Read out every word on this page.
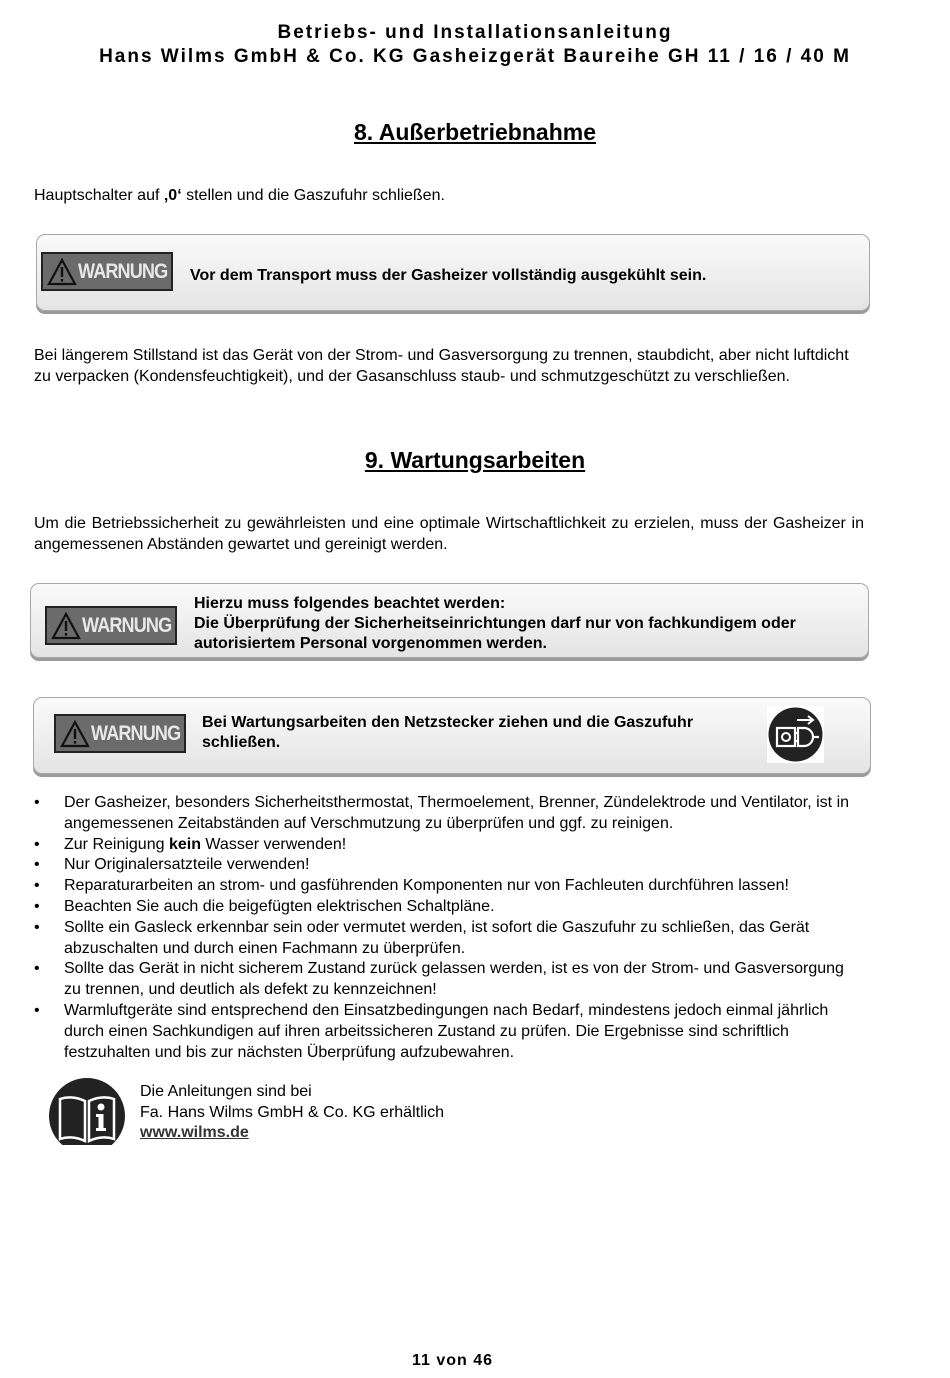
Betriebs- und Installationsanleitung
Hans Wilms GmbH & Co. KG Gasheizgerät Baureihe GH 11 / 16 / 40 M
8. Außerbetriebnahme
Hauptschalter auf ‚0‘ stellen und die Gaszufuhr schließen.
WARNUNG Vor dem Transport muss der Gasheizer vollständig ausgekühlt sein.
Bei längerem Stillstand ist das Gerät von der Strom- und Gasversorgung zu trennen, staubdicht, aber nicht luftdicht zu verpacken (Kondensfeuchtigkeit), und der Gasanschluss staub- und schmutzgeschützt zu verschließen.
9. Wartungsarbeiten
Um die Betriebssicherheit zu gewährleisten und eine optimale Wirtschaftlichkeit zu erzielen, muss der Gasheizer in angemessenen Abständen gewartet und gereinigt werden.
WARNUNG
Hierzu muss folgendes beachtet werden:
Die Überprüfung der Sicherheitseinrichtungen darf nur von fachkundigem oder autorisiertem Personal vorgenommen werden.
WARNUNG Bei Wartungsarbeiten den Netzstecker ziehen und die Gaszufuhr schließen.
• Der Gasheizer, besonders Sicherheitsthermostat, Thermoelement, Brenner, Zündelektrode und Ventilator, ist in angemessenen Zeitabständen auf Verschmutzung zu überprüfen und ggf. zu reinigen.
• Zur Reinigung kein Wasser verwenden!
• Nur Originalersatzteile verwenden!
• Reparaturarbeiten an strom- und gasführenden Komponenten nur von Fachleuten durchführen lassen!
• Beachten Sie auch die beigefügten elektrischen Schaltpläne.
• Sollte ein Gasleck erkennbar sein oder vermutet werden, ist sofort die Gaszufuhr zu schließen, das Gerät abzuschalten und durch einen Fachmann zu überprüfen.
• Sollte das Gerät in nicht sicherem Zustand zurück gelassen werden, ist es von der Strom- und Gasversorgung zu trennen, und deutlich als defekt zu kennzeichnen!
• Warmluftgeräte sind entsprechend den Einsatzbedingungen nach Bedarf, mindestens jedoch einmal jährlich durch einen Sachkundigen auf ihren arbeitssicheren Zustand zu prüfen. Die Ergebnisse sind schriftlich festzuhalten und bis zur nächsten Überprüfung aufzubewahren.
Die Anleitungen sind bei
Fa. Hans Wilms GmbH & Co. KG erhältlich
www.wilms.de
11 von 46
